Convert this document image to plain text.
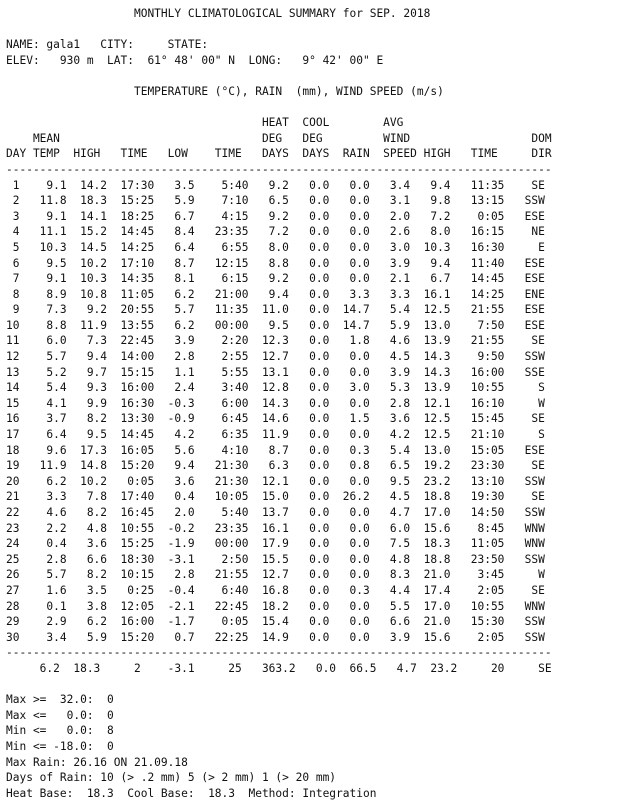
MONTHLY CLIMATOLOGICAL SUMMARY for SEP. 2018

NAME: gala1   CITY:     STATE:
ELEV:   930 m  LAT:  61° 48' 00" N  LONG:   9° 42' 00" E

TEMPERATURE (°C), RAIN  (mm), WIND SPEED (m/s)

HEAT  COOL        AVG
MEAN                              DEG   DEG         WIND                  DOM
DAY TEMP  HIGH   TIME   LOW    TIME   DAYS  DAYS  RAIN  SPEED HIGH   TIME     DIR
---------------------------------------------------------------------------------
1    9.1  14.2  17:30   3.5    5:40   9.2   0.0   0.0   3.4   9.4   11:35    SE
2   11.8  18.3  15:25   5.9    7:10   6.5   0.0   0.0   3.1   9.8   13:15   SSW
3    9.1  14.1  18:25   6.7    4:15   9.2   0.0   0.0   2.0   7.2    0:05   ESE
4   11.1  15.2  14:45   8.4   23:35   7.2   0.0   0.0   2.6   8.0   16:15    NE
5   10.3  14.5  14:25   6.4    6:55   8.0   0.0   0.0   3.0  10.3   16:30     E
6    9.5  10.2  17:10   8.7   12:15   8.8   0.0   0.0   3.9   9.4   11:40   ESE
7    9.1  10.3  14:35   8.1    6:15   9.2   0.0   0.0   2.1   6.7   14:45   ESE
8    8.9  10.8  11:05   6.2   21:00   9.4   0.0   3.3   3.3  16.1   14:25   ENE
9    7.3   9.2  20:55   5.7   11:35  11.0   0.0  14.7   5.4  12.5   21:55   ESE
10    8.8  11.9  13:55   6.2   00:00   9.5   0.0  14.7   5.9  13.0    7:50   ESE
11    6.0   7.3  22:45   3.9    2:20  12.3   0.0   1.8   4.6  13.9   21:55    SE
12    5.7   9.4  14:00   2.8    2:55  12.7   0.0   0.0   4.5  14.3    9:50   SSW
13    5.2   9.7  15:15   1.1    5:55  13.1   0.0   0.0   3.9  14.3   16:00   SSE
14    5.4   9.3  16:00   2.4    3:40  12.8   0.0   3.0   5.3  13.9   10:55     S
15    4.1   9.9  16:30  -0.3    6:00  14.3   0.0   0.0   2.8  12.1   16:10     W
16    3.7   8.2  13:30  -0.9    6:45  14.6   0.0   1.5   3.6  12.5   15:45    SE
17    6.4   9.5  14:45   4.2    6:35  11.9   0.0   0.0   4.2  12.5   21:10     S
18    9.6  17.3  16:05   5.6    4:10   8.7   0.0   0.3   5.4  13.0   15:05   ESE
19   11.9  14.8  15:20   9.4   21:30   6.3   0.0   0.8   6.5  19.2   23:30    SE
20    6.2  10.2   0:05   3.6   21:30  12.1   0.0   0.0   9.5  23.2   13:10   SSW
21    3.3   7.8  17:40   0.4   10:05  15.0   0.0  26.2   4.5  18.8   19:30    SE
22    4.6   8.2  16:45   2.0    5:40  13.7   0.0   0.0   4.7  17.0   14:50   SSW
23    2.2   4.8  10:55  -0.2   23:35  16.1   0.0   0.0   6.0  15.6    8:45   WNW
24    0.4   3.6  15:25  -1.9   00:00  17.9   0.0   0.0   7.5  18.3   11:05   WNW
25    2.8   6.6  18:30  -3.1    2:50  15.5   0.0   0.0   4.8  18.8   23:50   SSW
26    5.7   8.2  10:15   2.8   21:55  12.7   0.0   0.0   8.3  21.0    3:45     W
27    1.6   3.5   0:25  -0.4    6:40  16.8   0.0   0.3   4.4  17.4    2:05    SE
28    0.1   3.8  12:05  -2.1   22:45  18.2   0.0   0.0   5.5  17.0   10:55   WNW
29    2.9   6.2  16:00  -1.7    0:05  15.4   0.0   0.0   6.6  21.0   15:30   SSW
30    3.4   5.9  15:20   0.7   22:25  14.9   0.0   0.0   3.9  15.6    2:05   SSW
---------------------------------------------------------------------------------
6.2  18.3     2    -3.1     25   363.2   0.0  66.5   4.7  23.2     20     SE

Max >=  32.0:  0
Max <=   0.0:  0
Min <=   0.0:  8
Min <= -18.0:  0
Max Rain: 26.16 ON 21.09.18
Days of Rain: 10 (> .2 mm) 5 (> 2 mm) 1 (> 20 mm)
Heat Base:  18.3  Cool Base:  18.3  Method: Integration
